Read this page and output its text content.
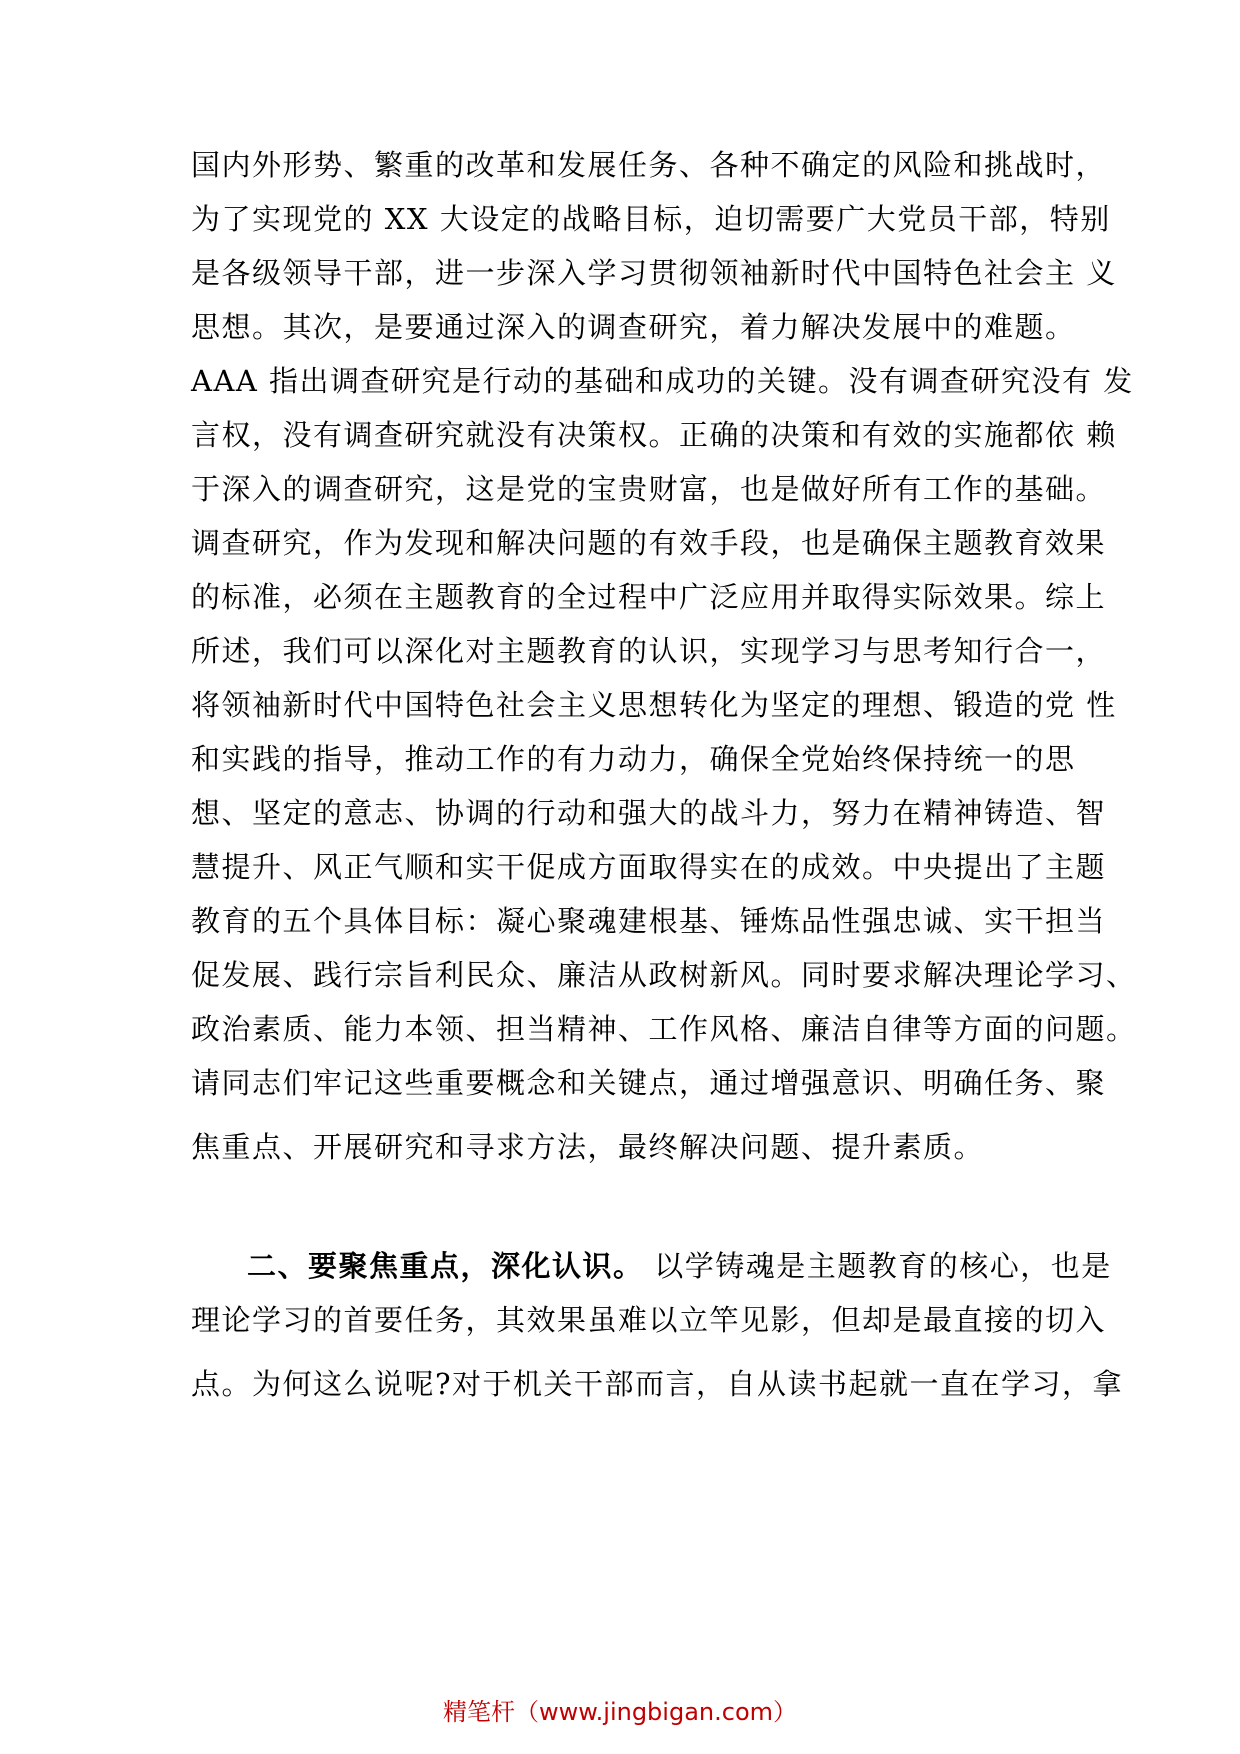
国内外形势、繁重的改革和发展任务、各种不确定的风险和挑战时，
为了实现党的 XX 大设定的战略目标，迫切需要广大党员干部，特别
是各级领导干部，进一步深入学习贯彻领袖新时代中国特色社会主 义
思想。其次，是要通过深入的调查研究，着力解决发展中的难题。
AAA 指出调查研究是行动的基础和成功的关键。没有调查研究没有 发
言权，没有调查研究就没有决策权。正确的决策和有效的实施都依 赖
于深入的调查研究，这是党的宝贵财富，也是做好所有工作的基础。
调查研究，作为发现和解决问题的有效手段，也是确保主题教育效果
的标准，必须在主题教育的全过程中广泛应用并取得实际效果。综上
所述，我们可以深化对主题教育的认识，实现学习与思考知行合一，
将领袖新时代中国特色社会主义思想转化为坚定的理想、锻造的党 性
和实践的指导，推动工作的有力动力，确保全党始终保持统一的思
想、坚定的意志、协调的行动和强大的战斗力，努力在精神铸造、智
慧提升、风正气顺和实干促成方面取得实在的成效。中央提出了主题
教育的五个具体目标：凝心聚魂建根基、锤炼品性强忠诚、实干担当
促发展、践行宗旨利民众、廉洁从政树新风。同时要求解决理论学习、
政治素质、能力本领、担当精神、工作风格、廉洁自律等方面的问题。
请同志们牢记这些重要概念和关键点，通过增强意识、明确任务、聚
焦重点、开展研究和寻求方法，最终解决问题、提升素质。
二、要聚焦重点，深化认识。 以学铸魂是主题教育的核心，也是
理论学习的首要任务，其效果虽难以立竿见影，但却是最直接的切入
点。为何这么说呢?对于机关干部而言，自从读书起就一直在学习，拿
精笔杆（www.jingbigan.com）
